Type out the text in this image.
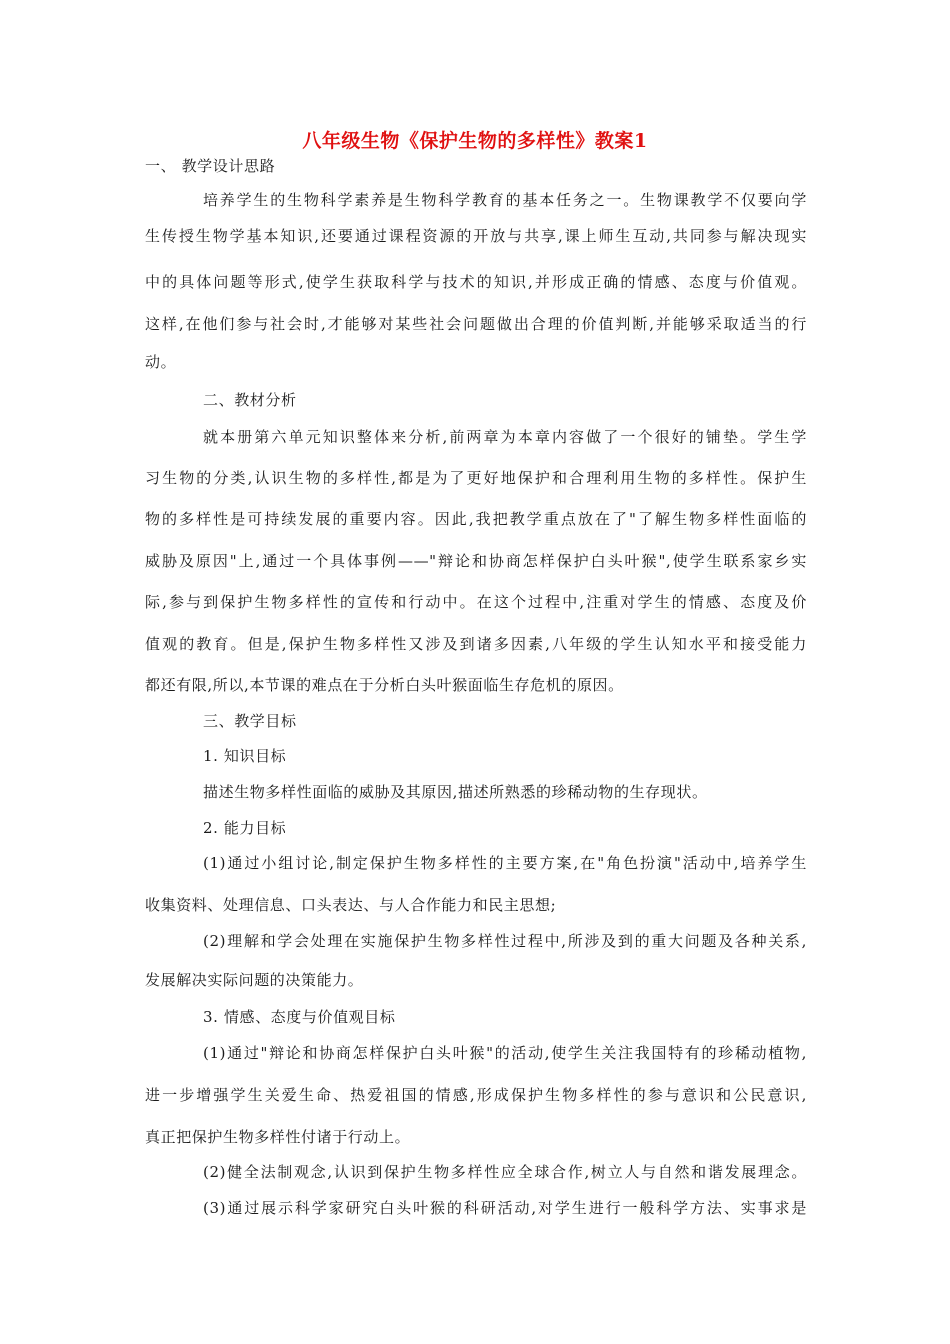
八年级生物《保护生物的多样性》教案1
一、 教学设计思路
培养学生的生物科学素养是生物科学教育的基本任务之一。生物课教学不仅要向学
生传授生物学基本知识,还要通过课程资源的开放与共享,课上师生互动,共同参与解决现实
中的具体问题等形式,使学生获取科学与技术的知识,并形成正确的情感、态度与价值观。
这样,在他们参与社会时,才能够对某些社会问题做出合理的价值判断,并能够采取适当的行
动。
二、教材分析
就本册第六单元知识整体来分析,前两章为本章内容做了一个很好的铺垫。学生学
习生物的分类,认识生物的多样性,都是为了更好地保护和合理利用生物的多样性。保护生
物的多样性是可持续发展的重要内容。因此,我把教学重点放在了"了解生物多样性面临的
威胁及原因"上,通过一个具体事例——"辩论和协商怎样保护白头叶猴",使学生联系家乡实
际,参与到保护生物多样性的宣传和行动中。在这个过程中,注重对学生的情感、态度及价
值观的教育。但是,保护生物多样性又涉及到诸多因素,八年级的学生认知水平和接受能力
都还有限,所以,本节课的难点在于分析白头叶猴面临生存危机的原因。
三、教学目标
1. 知识目标
描述生物多样性面临的威胁及其原因,描述所熟悉的珍稀动物的生存现状。
2. 能力目标
(1)通过小组讨论,制定保护生物多样性的主要方案,在"角色扮演"活动中,培养学生
收集资料、处理信息、口头表达、与人合作能力和民主思想;
(2)理解和学会处理在实施保护生物多样性过程中,所涉及到的重大问题及各种关系,
发展解决实际问题的决策能力。
3. 情感、态度与价值观目标
(1)通过"辩论和协商怎样保护白头叶猴"的活动,使学生关注我国特有的珍稀动植物,
进一步增强学生关爱生命、热爱祖国的情感,形成保护生物多样性的参与意识和公民意识,
真正把保护生物多样性付诸于行动上。
(2)健全法制观念,认识到保护生物多样性应全球合作,树立人与自然和谐发展理念。
(3)通过展示科学家研究白头叶猴的科研活动,对学生进行一般科学方法、实事求是
